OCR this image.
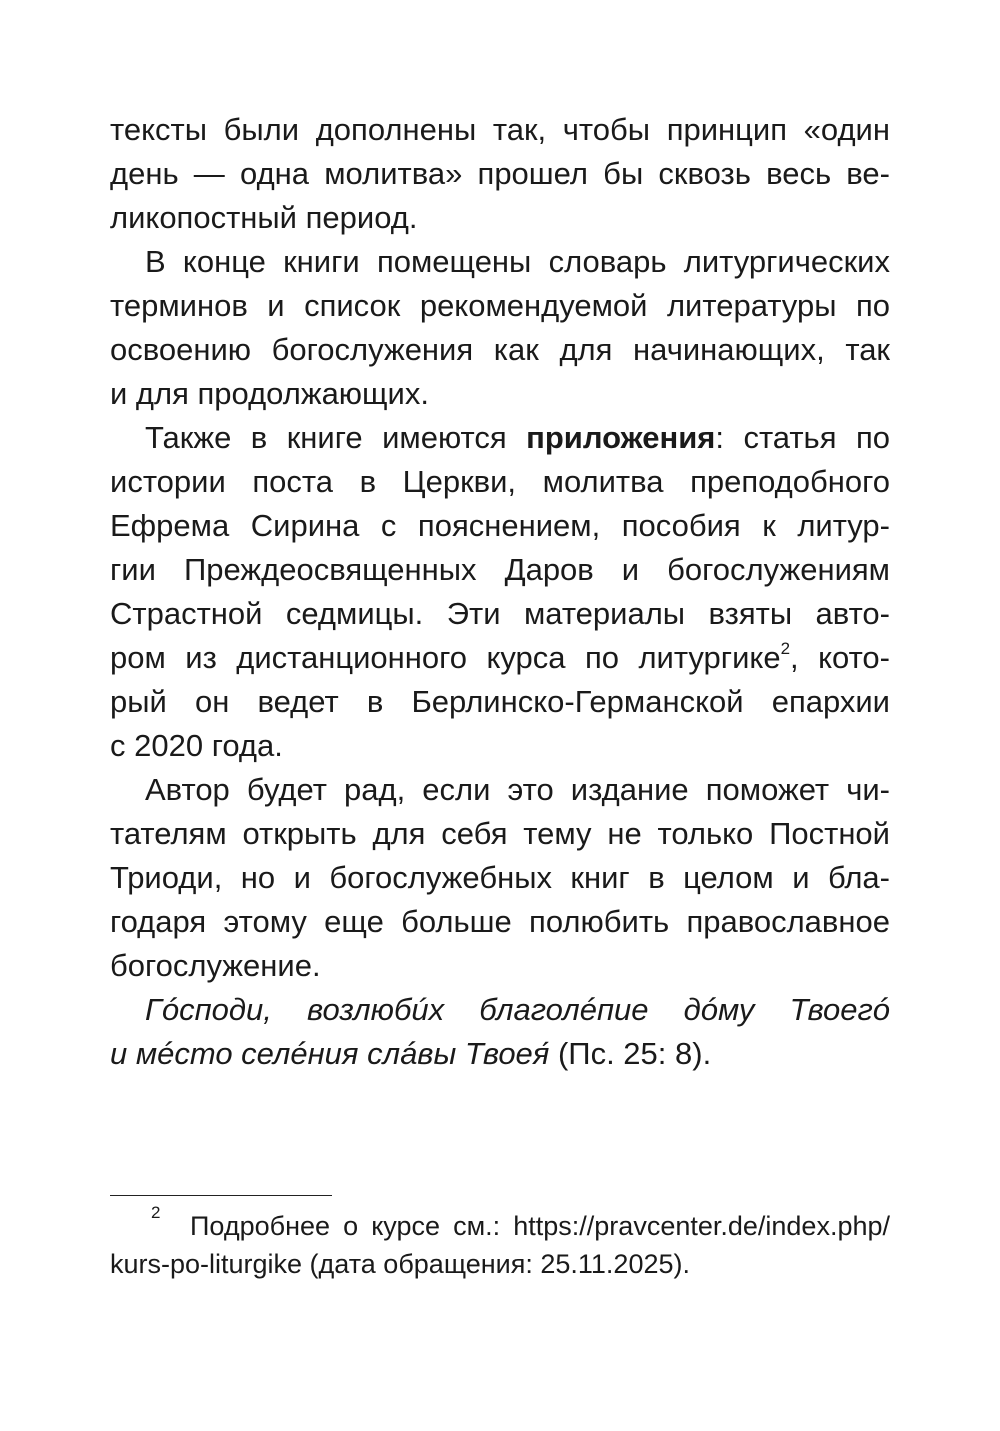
тексты были дополнены так, чтобы принцип «один
день — одна молитва» прошел бы сквозь весь ве-
ликопостный период.
В конце книги помещены словарь литургических
терминов и список рекомендуемой литературы по
освоению богослужения как для начинающих, так
и для продолжающих.
Также в книге имеются приложения: статья по
истории поста в Церкви, молитва преподобного
Ефрема Сирина с пояснением, пособия к литур-
гии Преждеосвященных Даров и богослужениям
Страстной седмицы. Эти материалы взяты авто-
ром из дистанционного курса по литургике$^2$, кото-
рый он ведет в Берлинско-Германской епархии
с 2020 года.
Автор будет рад, если это издание поможет чи-
тателям открыть для себя тему не только Постной
Триоди, но и богослужебных книг в целом и бла-
годаря этому еще больше полюбить православное
богослужение.
Гóсподи, возлюбúх благолéпие дóму Твоегó
и мéсто селéния слáвы Твоея́ (Пс. 25: 8).
2 Подробнее о курсе см.: https://pravcenter.de/index.php/
kurs-po-liturgike (дата обращения: 25.11.2025).
